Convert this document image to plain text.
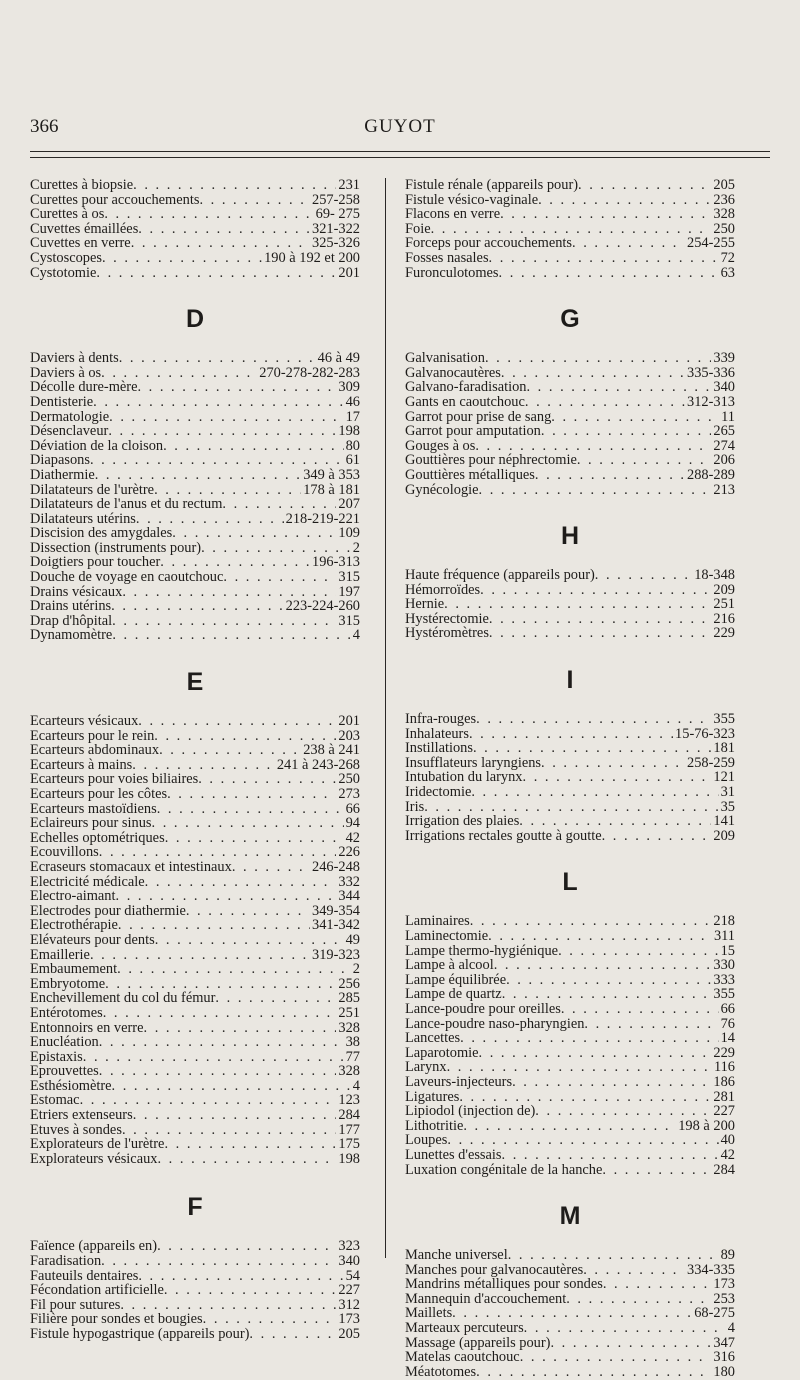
366	GUYOT
Curettes à biopsie . . .	231
Curettes pour accouchements . . .	257-258
Curettes à os . . .	69- 275
Cuvettes émaillées . . .	321-322
Cuvettes en verre . . .	325-326
Cystoscopes . . .	190 à 192 et 200
Cystotomie . . .	201
D
Daviers à dents . . .	46 à 49
Daviers à os . . .	270-278-282-283
Décolle dure-mère . . .	309
Dentisterie . . .	46
Dermatologie . . .	17
Désenclaveur . . .	198
Déviation de la cloison . . .	80
Diapasons . . .	61
Diathermie . . .	349 à 353
Dilatateurs de l'urètre . . .	178 à 181
Dilatateurs de l'anus et du rectum . . .	207
Dilatateurs utérins . . .	218-219-221
Discision des amygdales . . .	109
Dissection (instruments pour) . . .	2
Doigtiers pour toucher . . .	196-313
Douche de voyage en caoutchouc . . .	315
Drains vésicaux . . .	197
Drains utérins . . .	223-224-260
Drap d'hôpital . . .	315
Dynamomètre . . .	4
E
Ecarteurs vésicaux . . .	201
Ecarteurs pour le rein . . .	203
Ecarteurs abdominaux . . .	238 à 241
Ecarteurs à mains . . .	241 à 243-268
Ecarteurs pour voies biliaires . . .	250
Ecarteurs pour les côtes . . .	273
Ecarteurs mastoïdiens . . .	66
Eclaireurs pour sinus . . .	94
Echelles optométriques . . .	42
Ecouvillons . . .	226
Ecraseurs stomacaux et intestinaux . . .	246-248
Electricité médicale . . .	332
Electro-aimant . . .	344
Electrodes pour diathermie . . .	349-354
Electrothérapie . . .	341-342
Elévateurs pour dents . . .	49
Emaillerie . . .	319-323
Embaumement . . .	2
Embryotome . . .	256
Enchevillement du col du fémur . . .	285
Entérotomes . . .	251
Entonnoirs en verre . . .	328
Enucléation . . .	38
Epistaxis . . .	77
Eprouvettes . . .	328
Esthésiomètre . . .	4
Estomac . . .	123
Etriers extenseurs . . .	284
Etuves à sondes . . .	177
Explorateurs de l'urètre . . .	175
Explorateurs vésicaux . . .	198
F
Faïence (appareils en) . . .	323
Faradisation . . .	340
Fauteuils dentaires . . .	54
Fécondation artificielle . . .	227
Fil pour sutures . . .	312
Filière pour sondes et bougies . . .	173
Fistule hypogastrique (appareils pour) . . .	205
Fistule rénale (appareils pour) . . .	205
Fistule vésico-vaginale . . .	236
Flacons en verre . . .	328
Foie . . .	250
Forceps pour accouchements . . .	254-255
Fosses nasales . . .	72
Furonculotomes . . .	63
G
Galvanisation . . .	339
Galvanocautères . . .	335-336
Galvano-faradisation . . .	340
Gants en caoutchouc . . .	312-313
Garrot pour prise de sang . . .	11
Garrot pour amputation . . .	265
Gouges à os . . .	274
Gouttières pour néphrectomie . . .	206
Gouttières métalliques . . .	288-289
Gynécologie . . .	213
H
Haute fréquence (appareils pour) . . .	18-348
Hémorroïdes . . .	209
Hernie . . .	251
Hystérectomie . . .	216
Hystéromètres . . .	229
I
Infra-rouges . . .	355
Inhalateurs . . .	15-76-323
Instillations . . .	181
Insufflateurs laryngiens . . .	258-259
Intubation du larynx . . .	121
Iridectomie . . .	31
Iris . . .	35
Irrigation des plaies . . .	141
Irrigations rectales goutte à goutte . . .	209
L
Laminaires . . .	218
Laminectomie . . .	311
Lampe thermo-hygiénique . . .	15
Lampe à alcool . . .	330
Lampe équilibrée . . .	333
Lampe de quartz . . .	355
Lance-poudre pour oreilles . . .	66
Lance-poudre naso-pharyngien . . .	76
Lancettes . . .	14
Laparotomie . . .	229
Larynx . . .	116
Laveurs-injecteurs . . .	186
Ligatures . . .	281
Lipiodol (injection de) . . .	227
Lithotritie . . .	198 à 200
Loupes . . .	40
Lunettes d'essais . . .	42
Luxation congénitale de la hanche . . .	284
M
Manche universel . . .	89
Manches pour galvanocautères . . .	334-335
Mandrins métalliques pour sondes . . .	173
Mannequin d'accouchement . . .	253
Maillets . . .	68-275
Marteaux percuteurs . . .	4
Massage (appareils pour) . . .	347
Matelas caoutchouc . . .	316
Méatotomes . . .	180
